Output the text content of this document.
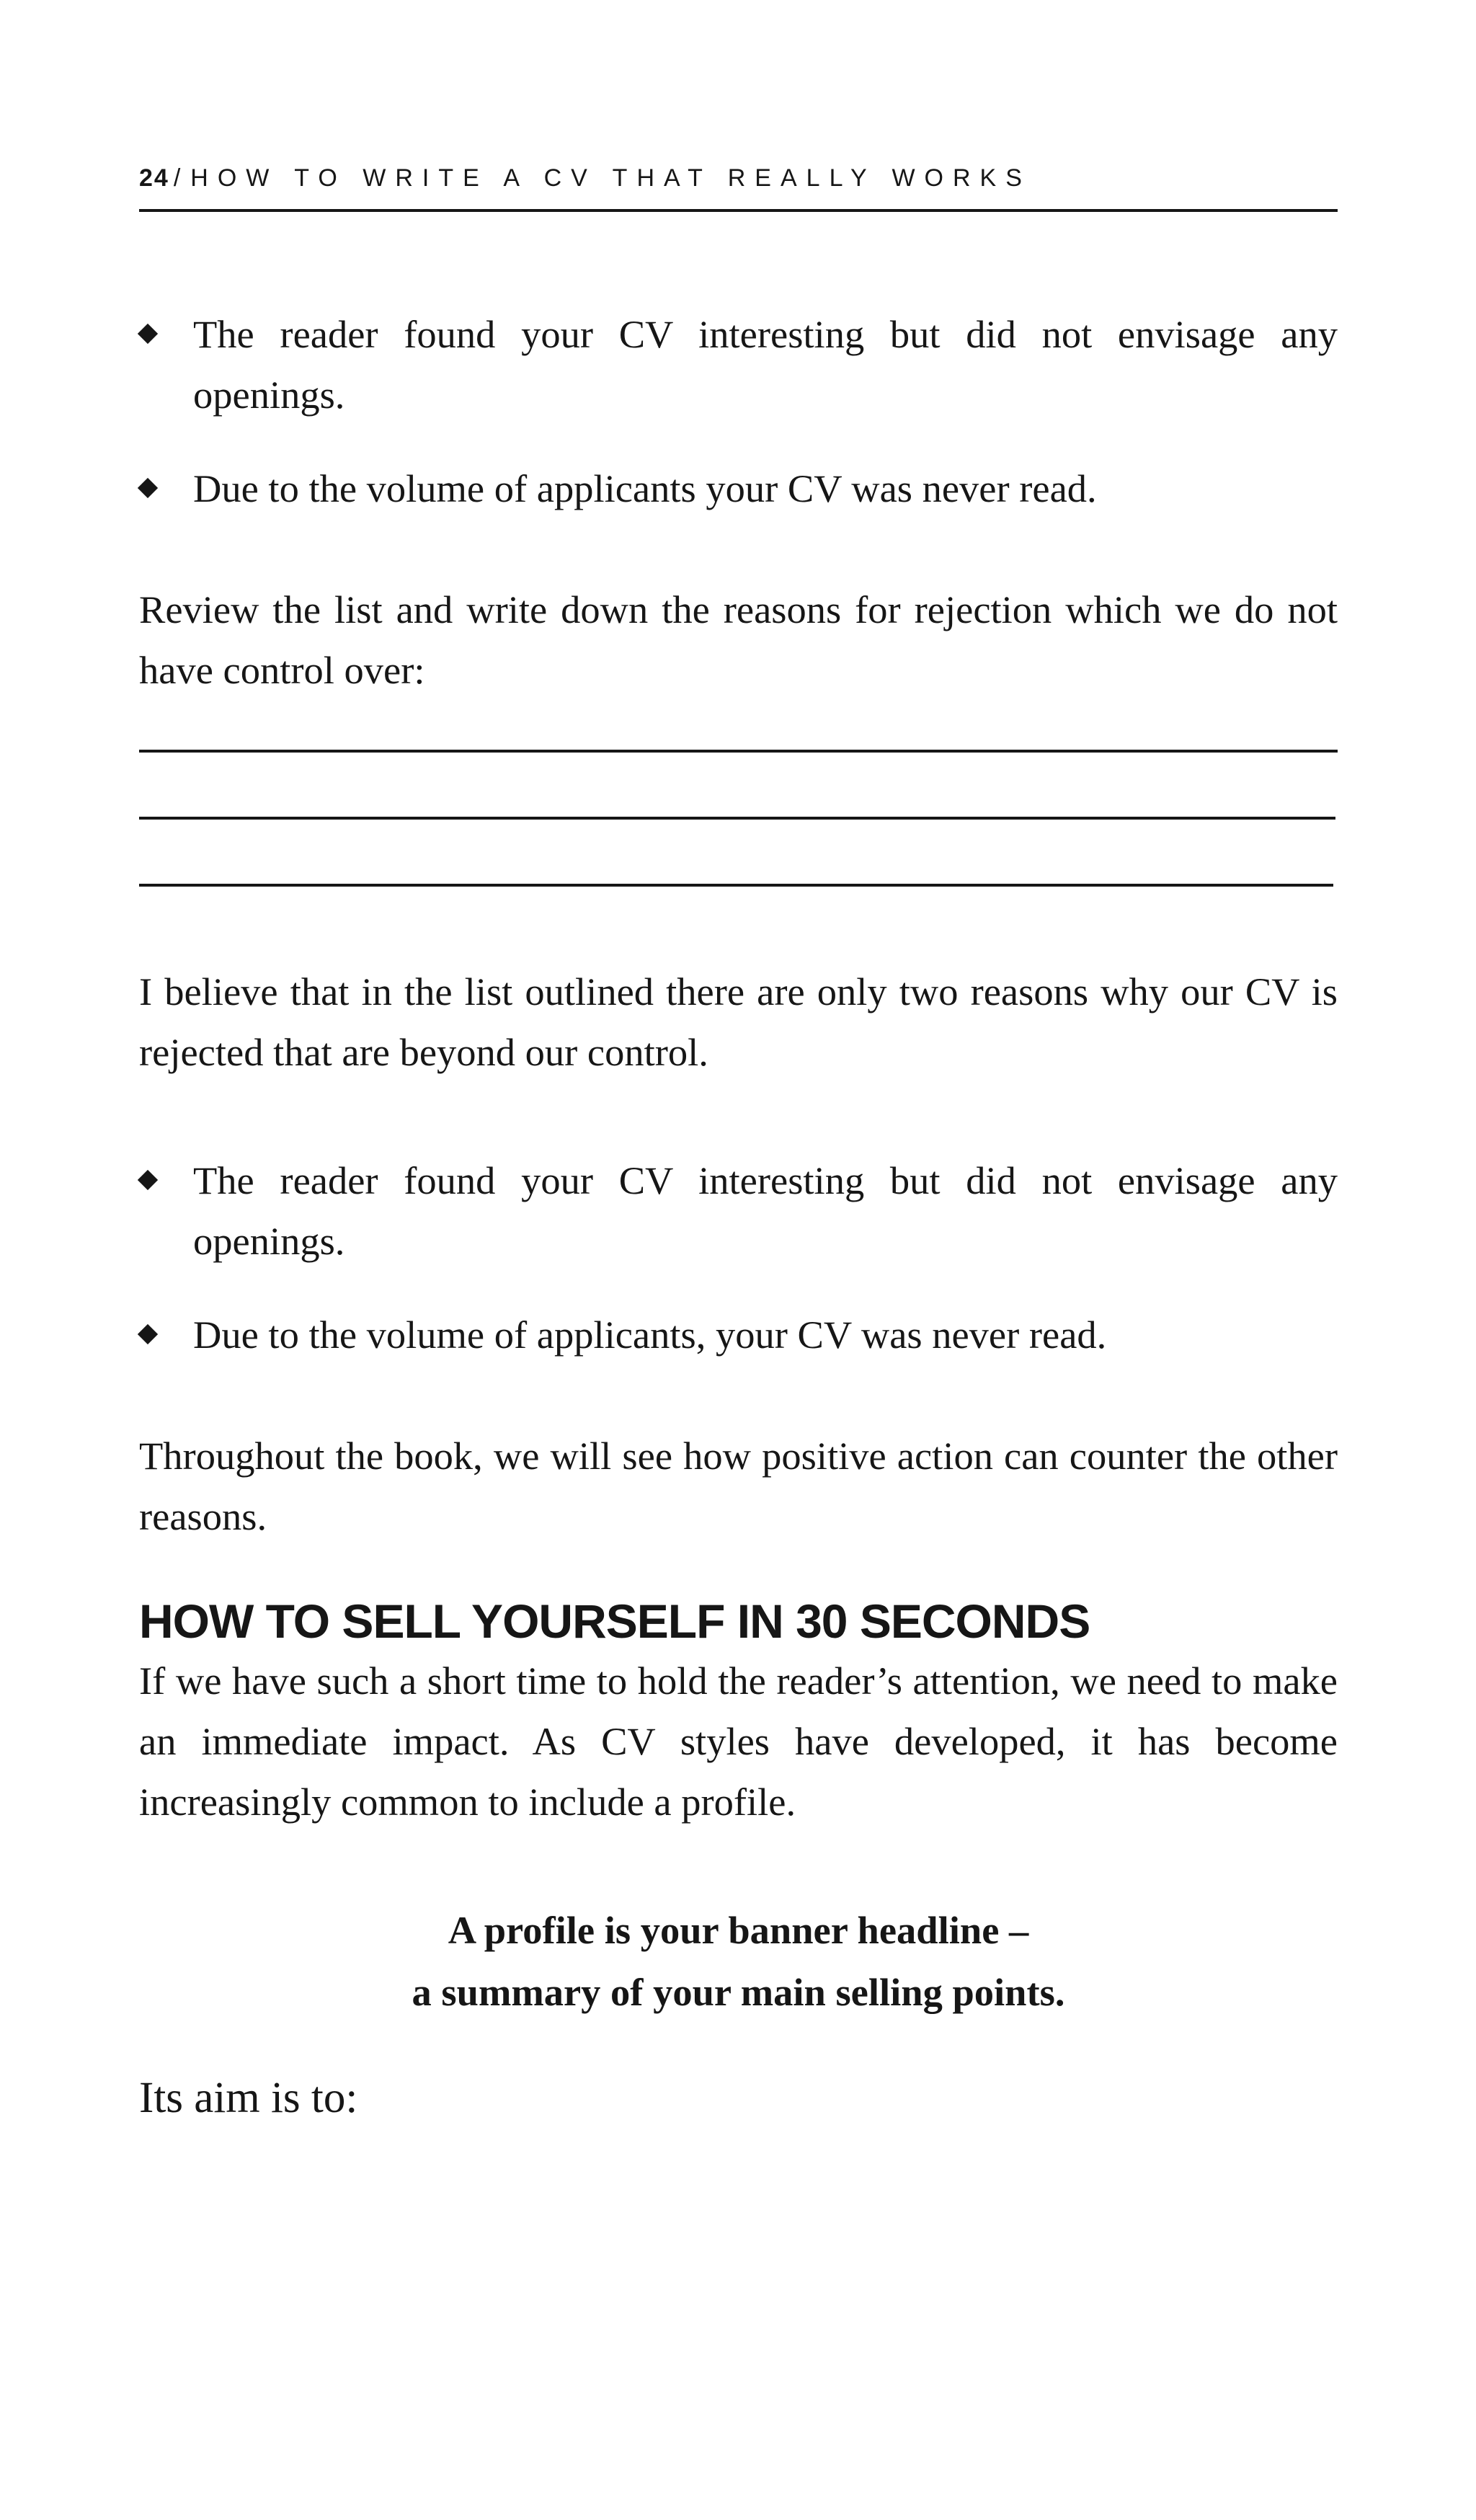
24 / HOW TO WRITE A CV THAT REALLY WORKS

The reader found your CV interesting but did not envisage any openings.

Due to the volume of applicants your CV was never read.

Review the list and write down the reasons for rejection which we do not have control over:

I believe that in the list outlined there are only two reasons why our CV is rejected that are beyond our control.

The reader found your CV interesting but did not envisage any openings.

Due to the volume of applicants, your CV was never read.

Throughout the book, we will see how positive action can counter the other reasons.

HOW TO SELL YOURSELF IN 30 SECONDS

If we have such a short time to hold the reader’s attention, we need to make an immediate impact. As CV styles have developed, it has become increasingly common to include a profile.

A profile is your banner headline –
a summary of your main selling points.

Its aim is to:
